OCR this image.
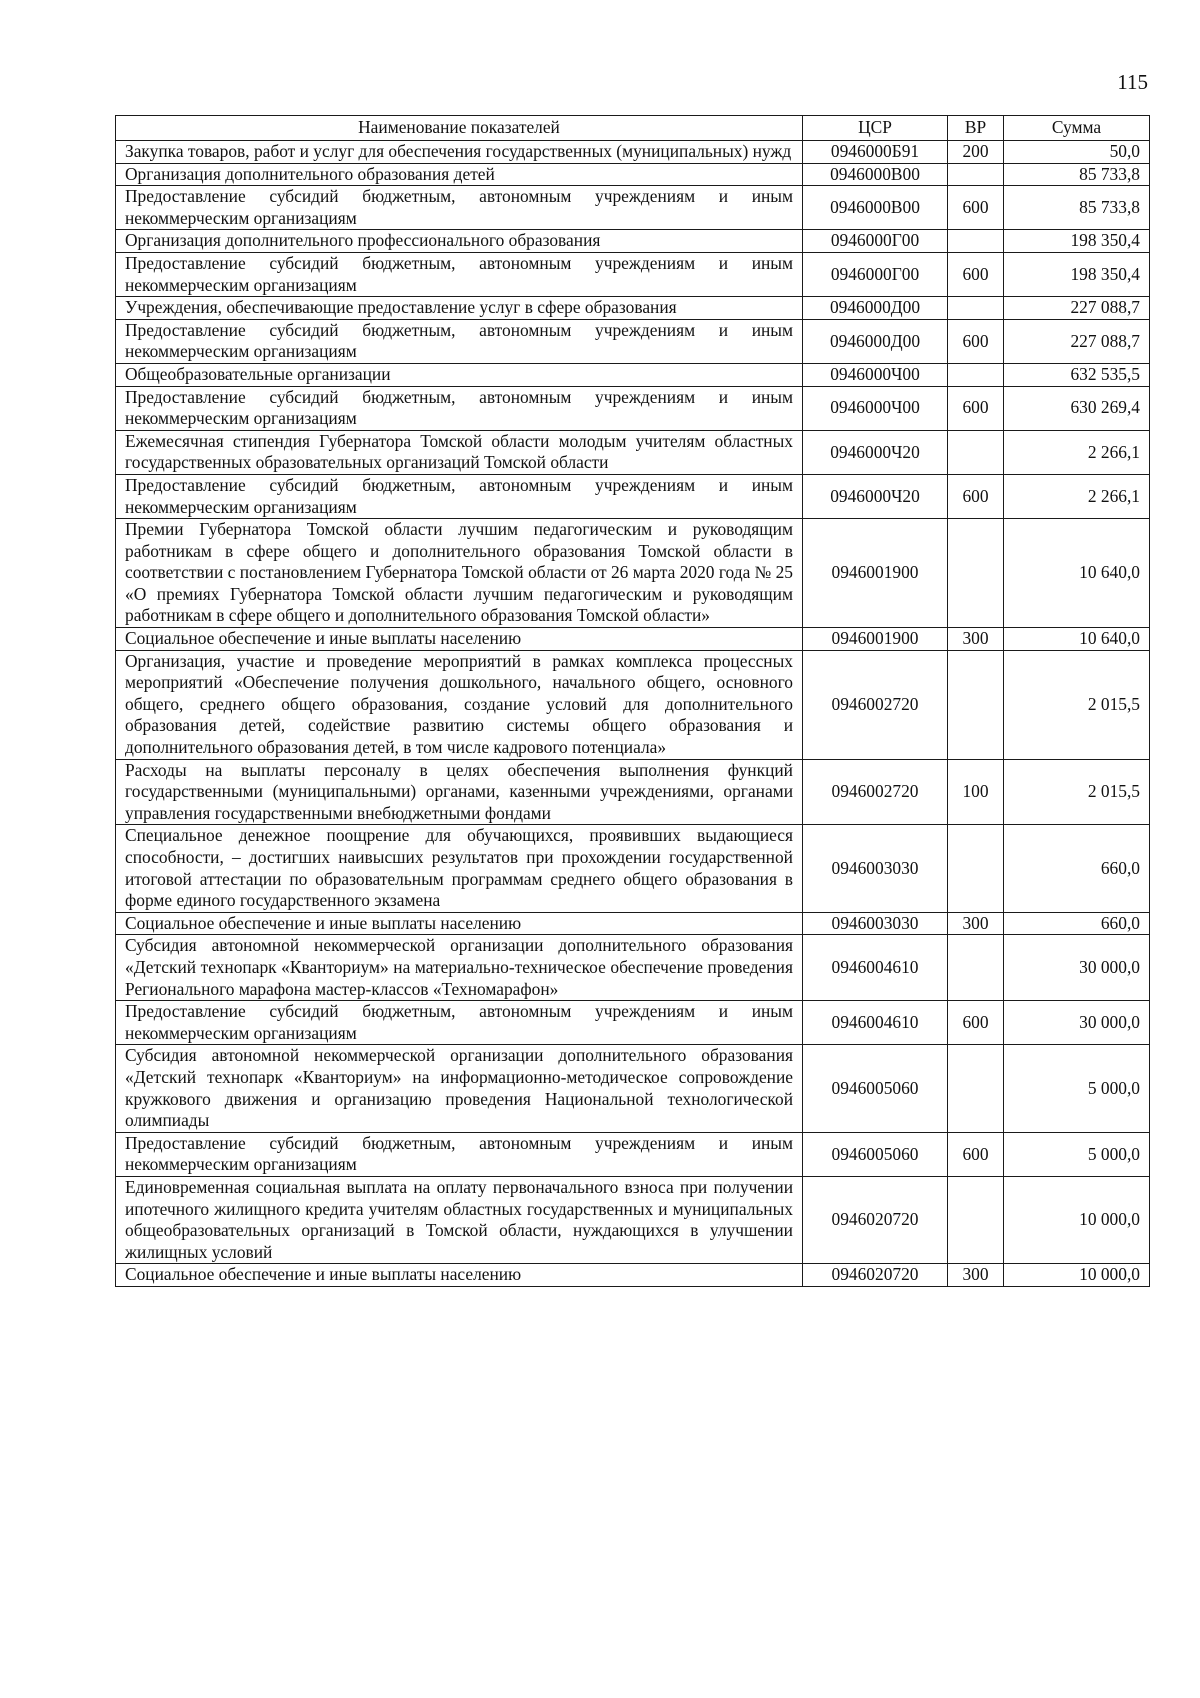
115
Наименование показателей	ЦСР	ВР	Сумма
Закупка товаров, работ и услуг для обеспечения государственных (муниципальных) нужд	0946000Б91	200	50,0
Организация дополнительного образования детей	0946000В00		85 733,8
Предоставление субсидий бюджетным, автономным учреждениям и иным некоммерческим организациям	0946000В00	600	85 733,8
Организация дополнительного профессионального образования	0946000Г00		198 350,4
Предоставление субсидий бюджетным, автономным учреждениям и иным некоммерческим организациям	0946000Г00	600	198 350,4
Учреждения, обеспечивающие предоставление услуг в сфере образования	0946000Д00		227 088,7
Предоставление субсидий бюджетным, автономным учреждениям и иным некоммерческим организациям	0946000Д00	600	227 088,7
Общеобразовательные организации	0946000Ч00		632 535,5
Предоставление субсидий бюджетным, автономным учреждениям и иным некоммерческим организациям	0946000Ч00	600	630 269,4
Ежемесячная стипендия Губернатора Томской области молодым учителям областных государственных образовательных организаций Томской области	0946000Ч20		2 266,1
Предоставление субсидий бюджетным, автономным учреждениям и иным некоммерческим организациям	0946000Ч20	600	2 266,1
Премии Губернатора Томской области лучшим педагогическим и руководящим работникам в сфере общего и дополнительного образования Томской области в соответствии с постановлением Губернатора Томской области от 26 марта 2020 года № 25 «О премиях Губернатора Томской области лучшим педагогическим и руководящим работникам в сфере общего и дополнительного образования Томской области»	0946001900		10 640,0
Социальное обеспечение и иные выплаты населению	0946001900	300	10 640,0
Организация, участие и проведение мероприятий в рамках комплекса процессных мероприятий «Обеспечение получения дошкольного, начального общего, основного общего, среднего общего образования, создание условий для дополнительного образования детей, содействие развитию системы общего образования и дополнительного образования детей, в том числе кадрового потенциала»	0946002720		2 015,5
Расходы на выплаты персоналу в целях обеспечения выполнения функций государственными (муниципальными) органами, казенными учреждениями, органами управления государственными внебюджетными фондами	0946002720	100	2 015,5
Специальное денежное поощрение для обучающихся, проявивших выдающиеся способности, – достигших наивысших результатов при прохождении государственной итоговой аттестации по образовательным программам среднего общего образования в форме единого государственного экзамена	0946003030		660,0
Социальное обеспечение и иные выплаты населению	0946003030	300	660,0
Субсидия автономной некоммерческой организации дополнительного образования «Детский технопарк «Кванториум» на материально-техническое обеспечение проведения Регионального марафона мастер-классов «Техномарафон»	0946004610		30 000,0
Предоставление субсидий бюджетным, автономным учреждениям и иным некоммерческим организациям	0946004610	600	30 000,0
Субсидия автономной некоммерческой организации дополнительного образования «Детский технопарк «Кванториум» на информационно-методическое сопровождение кружкового движения и организацию проведения Национальной технологической олимпиады	0946005060		5 000,0
Предоставление субсидий бюджетным, автономным учреждениям и иным некоммерческим организациям	0946005060	600	5 000,0
Единовременная социальная выплата на оплату первоначального взноса при получении ипотечного жилищного кредита учителям областных государственных и муниципальных общеобразовательных организаций в Томской области, нуждающихся в улучшении жилищных условий	0946020720		10 000,0
Социальное обеспечение и иные выплаты населению	0946020720	300	10 000,0
